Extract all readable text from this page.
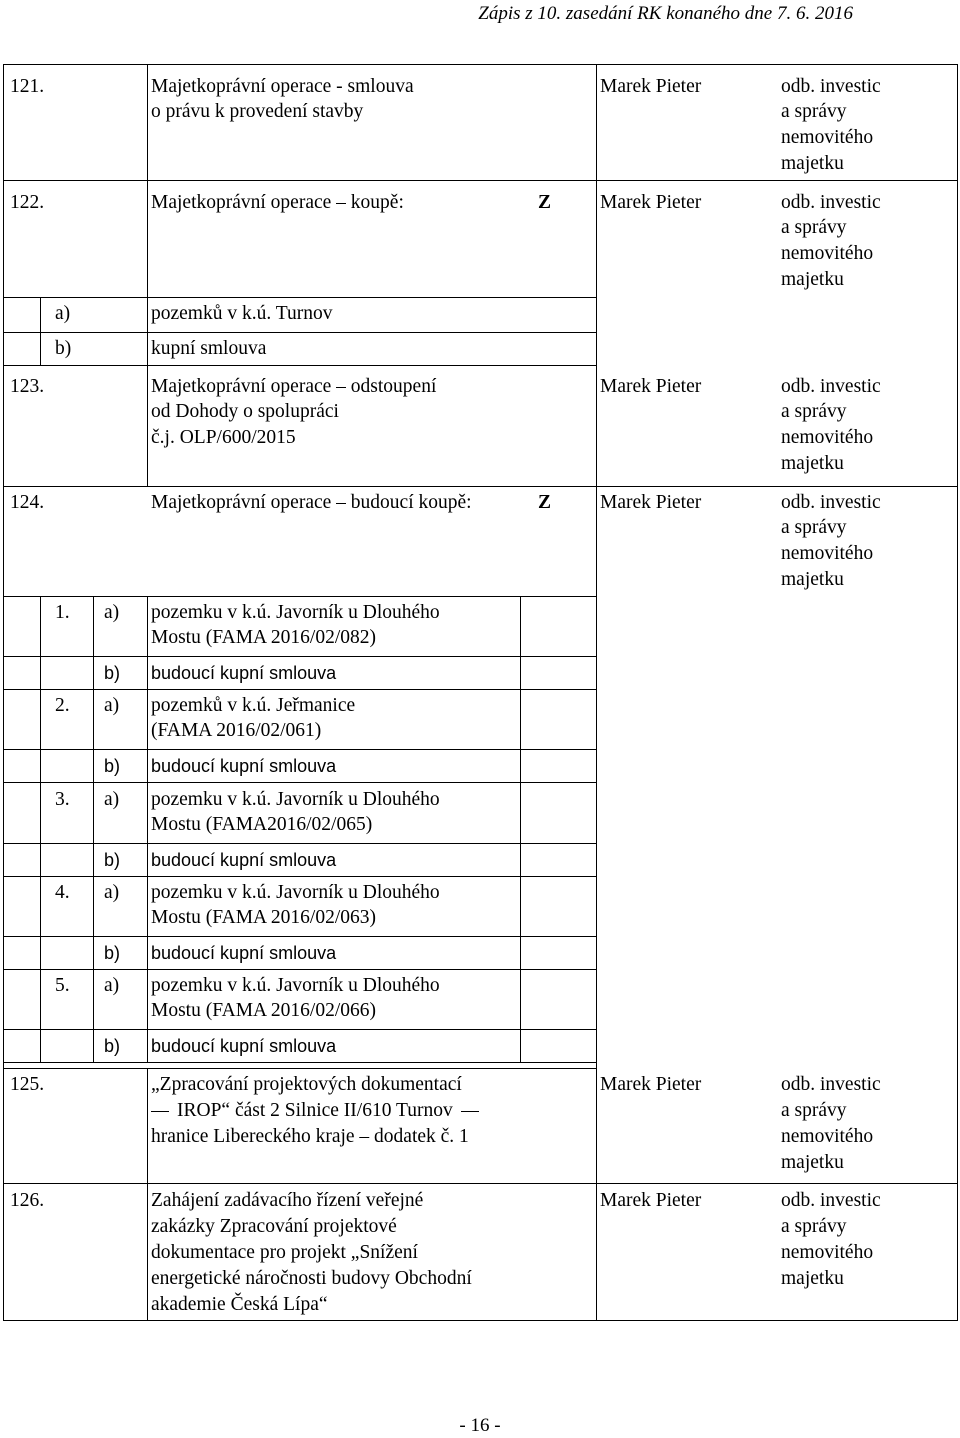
Zápis z 10. zasedání RK konaného dne 7. 6. 2016
121.	Majetkoprávní operace - smlouva
o právu k provedení stavby
Marek Pieter	odb. investic
a správy
nemovitého
majetku
122.	Majetkoprávní operace – koupě:	Z	Marek Pieter	odb. investic
a správy
nemovitého
majetku
a)	pozemků v k.ú. Turnov
b)	kupní smlouva
123.	Majetkoprávní operace – odstoupení
od Dohody o spolupráci
č.j. OLP/600/2015
Marek Pieter	odb. investic
a správy
nemovitého
majetku
124.	Majetkoprávní operace – budoucí koupě:	Z	Marek Pieter	odb. investic
a správy
nemovitého
majetku
1. a) pozemku v k.ú. Javorník u Dlouhého
Mostu (FAMA 2016/02/082)
b) budoucí kupní smlouva
2. a) pozemků v k.ú. Jeřmanice
(FAMA 2016/02/061)
b) budoucí kupní smlouva
3. a) pozemku v k.ú. Javorník u Dlouhého
Mostu (FAMA2016/02/065)
b) budoucí kupní smlouva
4. a) pozemku v k.ú. Javorník u Dlouhého
Mostu (FAMA 2016/02/063)
b) budoucí kupní smlouva
5. a) pozemku v k.ú. Javorník u Dlouhého
Mostu (FAMA 2016/02/066)
b) budoucí kupní smlouva
125.	„Zpracování projektových dokumentací
IROP“ část 2 Silnice II/610 Turnov
hranice Libereckého kraje – dodatek č. 1
Marek Pieter	odb. investic
a správy
nemovitého
majetku
126.	Zahájení zadávacího řízení veřejné
zakázky Zpracování projektové
dokumentace pro projekt „Snížení
energetické náročnosti budovy Obchodní
akademie Česká Lípa“
Marek Pieter	odb. investic
a správy
nemovitého
majetku
- 16 -
